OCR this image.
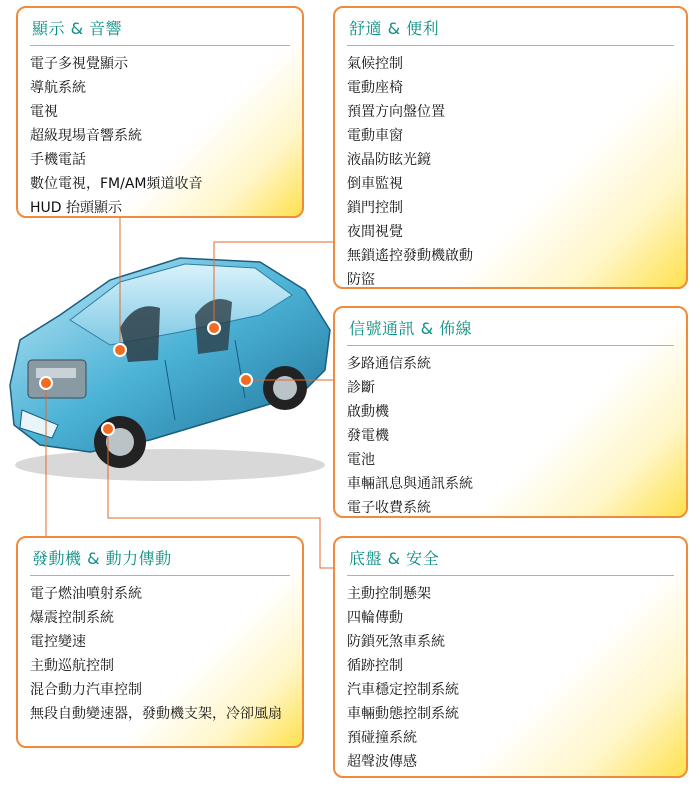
顯示 & 音響
電子多視覺顯示
導航系統
電視
超級現場音響系統
手機電話
數位電視，FM/AM頻道收音
HUD 抬頭顯示
舒適 & 便利
氣候控制
電動座椅
預置方向盤位置
電動車窗
液晶防眩光鏡
倒車監視
鎖門控制
夜間視覺
無鎖遙控發動機啟動
防盜
信號通訊 & 佈線
多路通信系統
診斷
啟動機
發電機
電池
車輛訊息與通訊系統
電子收費系統
發動機 & 動力傳動
電子燃油噴射系統
爆震控制系統
電控變速
主動巡航控制
混合動力汽車控制
無段自動變速器，發動機支架，冷卻風扇
底盤 & 安全
主動控制懸架
四輪傳動
防鎖死煞車系統
循跡控制
汽車穩定控制系統
車輛動態控制系統
預碰撞系統
超聲波傳感
